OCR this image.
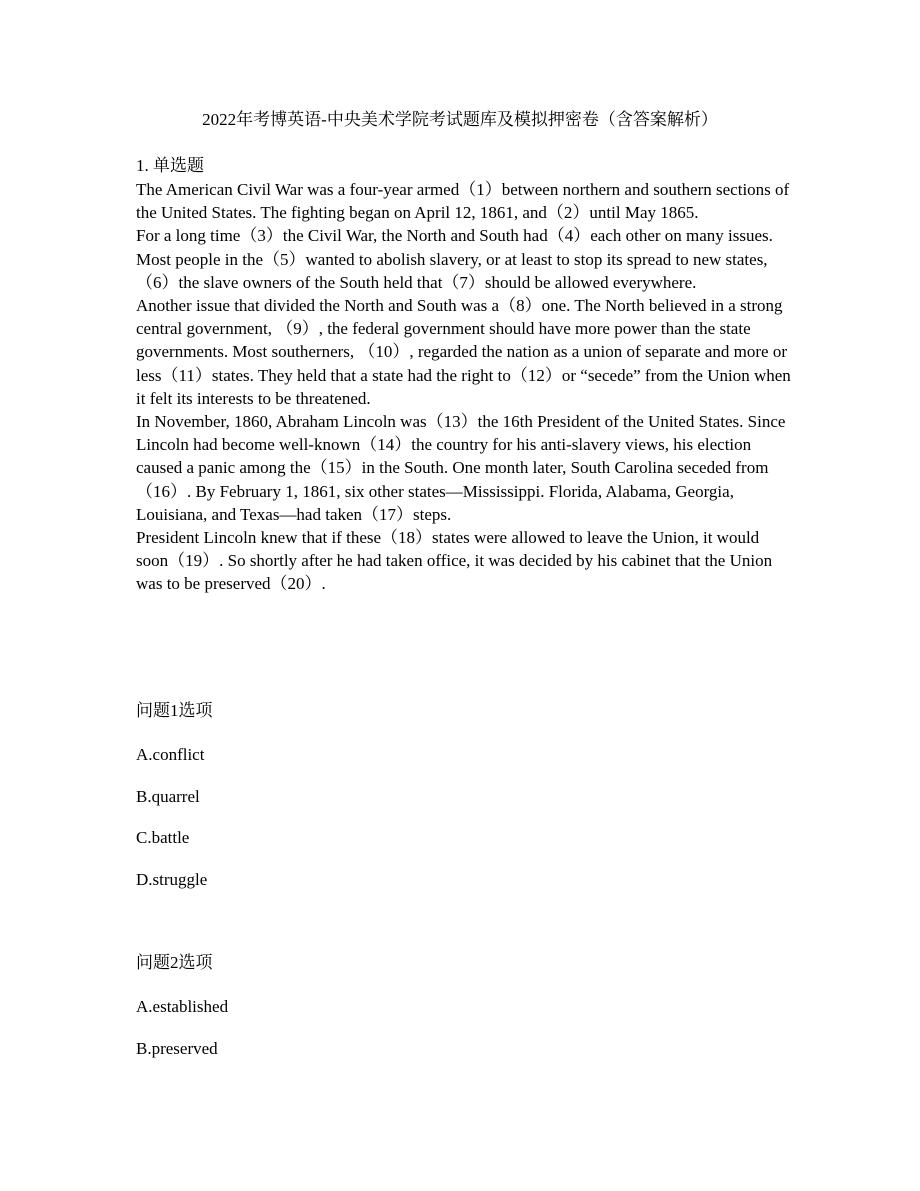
2022年考博英语-中央美术学院考试题库及模拟押密卷（含答案解析）
1. 单选题

The American Civil War was a four-year armed（1）between northern and southern sections of the United States. The fighting began on April 12, 1861, and（2）until May 1865.

For a long time（3）the Civil War, the North and South had（4）each other on many issues. Most people in the（5）wanted to abolish slavery, or at least to stop its spread to new states, （6）the slave owners of the South held that（7）should be allowed everywhere.

Another issue that divided the North and South was a（8）one. The North believed in a strong central government, （9）, the federal government should have more power than the state governments. Most southerners, （10）, regarded the nation as a union of separate and more or less（11）states. They held that a state had the right to（12）or “secede” from the Union when it felt its interests to be threatened.

In November, 1860, Abraham Lincoln was（13）the 16th President of the United States. Since Lincoln had become well-known（14）the country for his anti-slavery views, his election caused a panic among the（15）in the South. One month later, South Carolina seceded from（16）. By February 1, 1861, six other states—Mississippi. Florida, Alabama, Georgia, Louisiana, and Texas—had taken（17）steps.

President Lincoln knew that if these（18）states were allowed to leave the Union, it would soon（19）. So shortly after he had taken office, it was decided by his cabinet that the Union was to be preserved（20）.

问题1选项
A.conflict
B.quarrel
C.battle
D.struggle
问题2选项
A.established
B.preserved
